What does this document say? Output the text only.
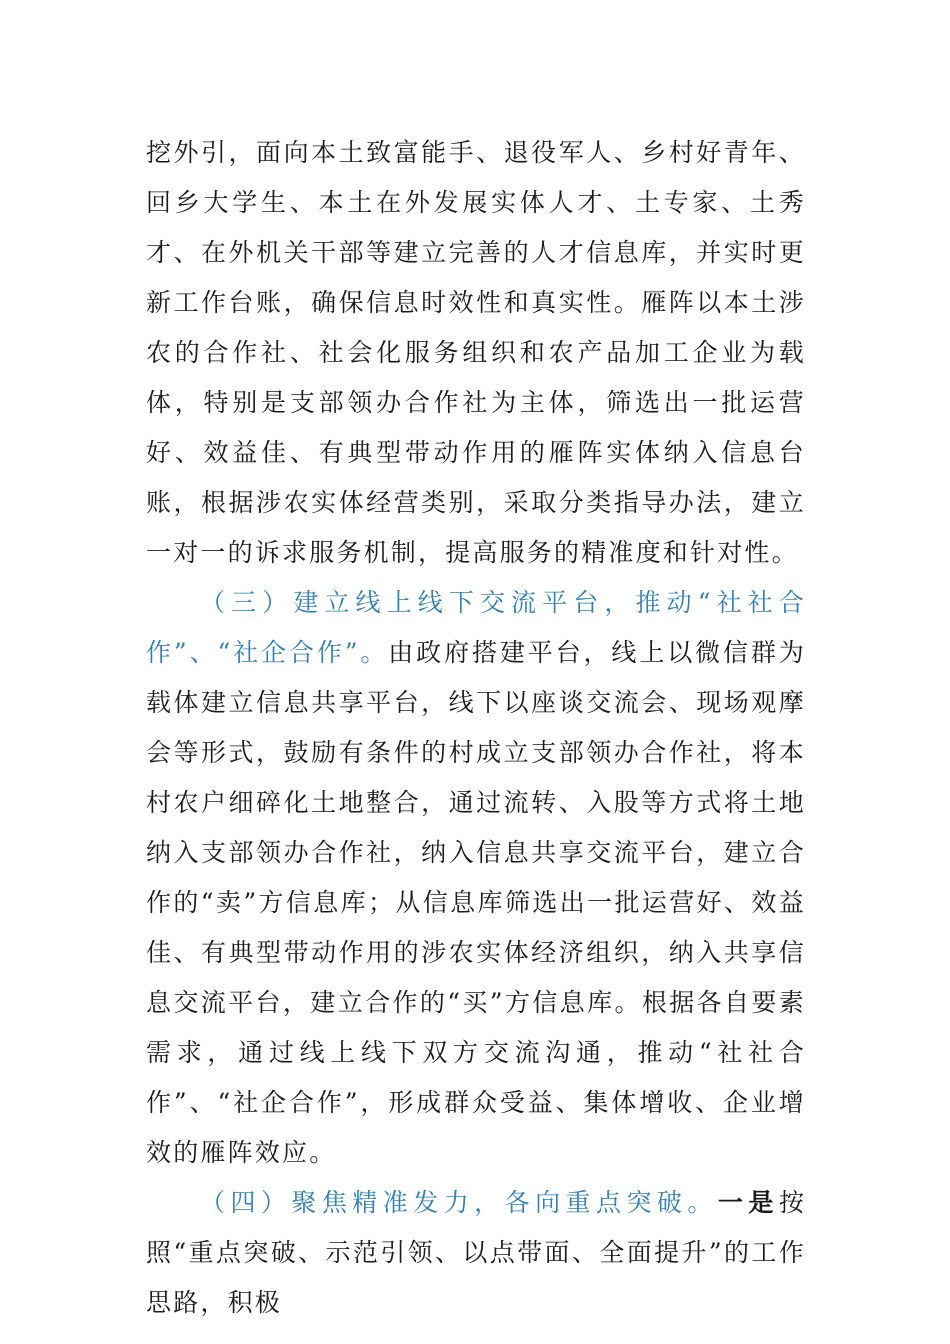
挖外引，面向本土致富能手、退役军人、乡村好青年、回乡大学生、本土在外发展实体人才、土专家、土秀才、在外机关干部等建立完善的人才信息库，并实时更新工作台账，确保信息时效性和真实性。雁阵以本土涉农的合作社、社会化服务组织和农产品加工企业为载体，特别是支部领办合作社为主体，筛选出一批运营好、效益佳、有典型带动作用的雁阵实体纳入信息台账，根据涉农实体经营类别，采取分类指导办法，建立一对一的诉求服务机制，提高服务的精准度和针对性。

（三）建立线上线下交流平台，推动“社社合作”、“社企合作”。由政府搭建平台，线上以微信群为载体建立信息共享平台，线下以座谈交流会、现场观摩会等形式，鼓励有条件的村成立支部领办合作社，将本村农户细碎化土地整合，通过流转、入股等方式将土地纳入支部领办合作社，纳入信息共享交流平台，建立合作的“卖”方信息库；从信息库筛选出一批运营好、效益佳、有典型带动作用的涉农实体经济组织，纳入共享信息交流平台，建立合作的“买”方信息库。根据各自要素需求，通过线上线下双方交流沟通，推动“社社合作”、“社企合作”，形成群众受益、集体增收、企业增效的雁阵效应。

（四）聚焦精准发力，各向重点突破。一是按照“重点突破、示范引领、以点带面、全面提升”的工作思路，积极
